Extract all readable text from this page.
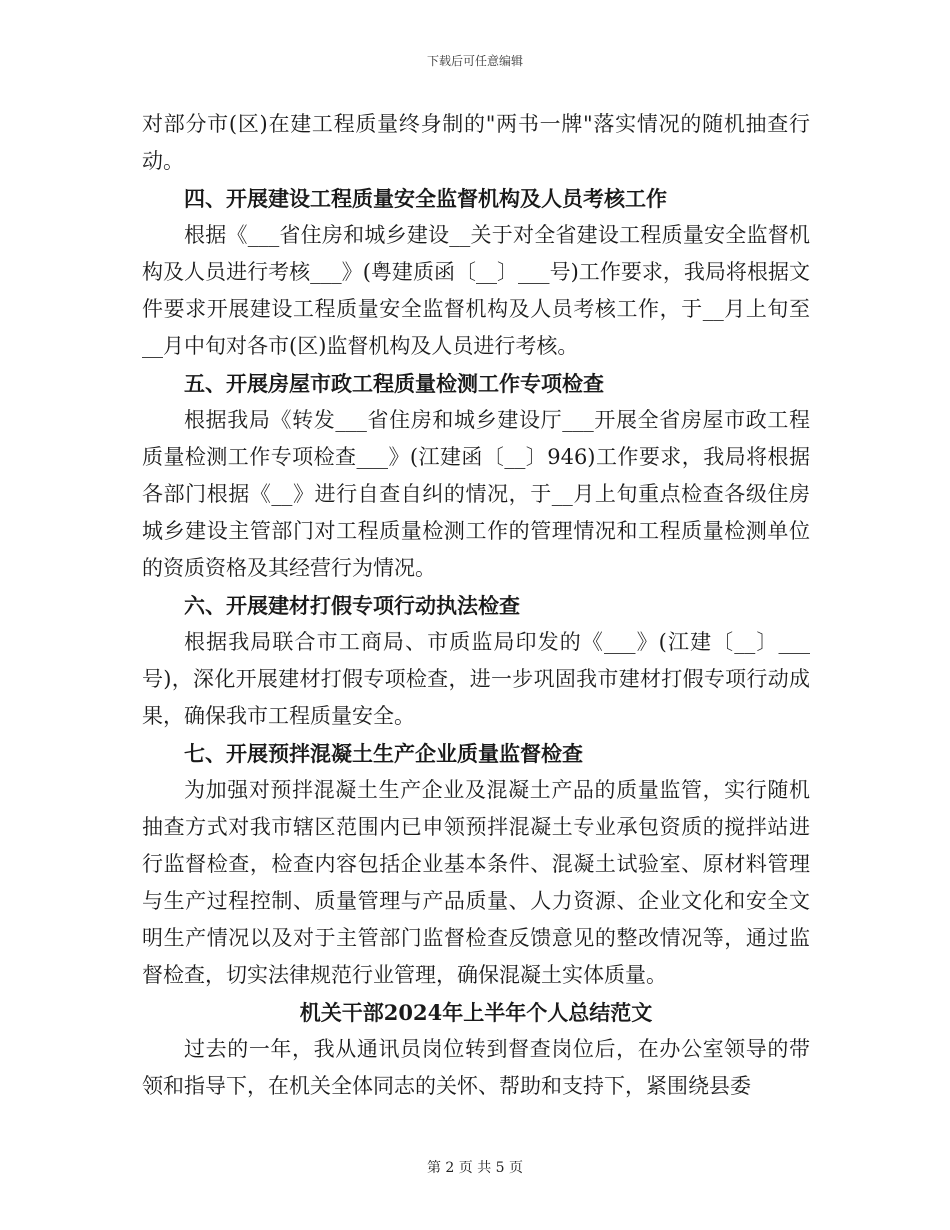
下载后可任意编辑

对部分市(区)在建工程质量终身制的"两书一牌"落实情况的随机抽查行动。

四、开展建设工程质量安全监督机构及人员考核工作

根据《___省住房和城乡建设__关于对全省建设工程质量安全监督机构及人员进行考核___》(粤建质函〔__〕___号)工作要求，我局将根据文件要求开展建设工程质量安全监督机构及人员考核工作，于__月上旬至__月中旬对各市(区)监督机构及人员进行考核。

五、开展房屋市政工程质量检测工作专项检查

根据我局《转发___省住房和城乡建设厅___开展全省房屋市政工程质量检测工作专项检查___》(江建函〔__〕946)工作要求，我局将根据各部门根据《__》进行自查自纠的情况，于__月上旬重点检查各级住房城乡建设主管部门对工程质量检测工作的管理情况和工程质量检测单位的资质资格及其经营行为情况。

六、开展建材打假专项行动执法检查

根据我局联合市工商局、市质监局印发的《___》(江建〔__〕___号)，深化开展建材打假专项检查，进一步巩固我市建材打假专项行动成果，确保我市工程质量安全。

七、开展预拌混凝土生产企业质量监督检查

为加强对预拌混凝土生产企业及混凝土产品的质量监管，实行随机抽查方式对我市辖区范围内已申领预拌混凝土专业承包资质的搅拌站进行监督检查，检查内容包括企业基本条件、混凝土试验室、原材料管理与生产过程控制、质量管理与产品质量、人力资源、企业文化和安全文明生产情况以及对于主管部门监督检查反馈意见的整改情况等，通过监督检查，切实法律规范行业管理，确保混凝土实体质量。

机关干部2024年上半年个人总结范文

过去的一年，我从通讯员岗位转到督查岗位后，在办公室领导的带领和指导下，在机关全体同志的关怀、帮助和支持下，紧围绕县委

第 2 页 共 5 页
